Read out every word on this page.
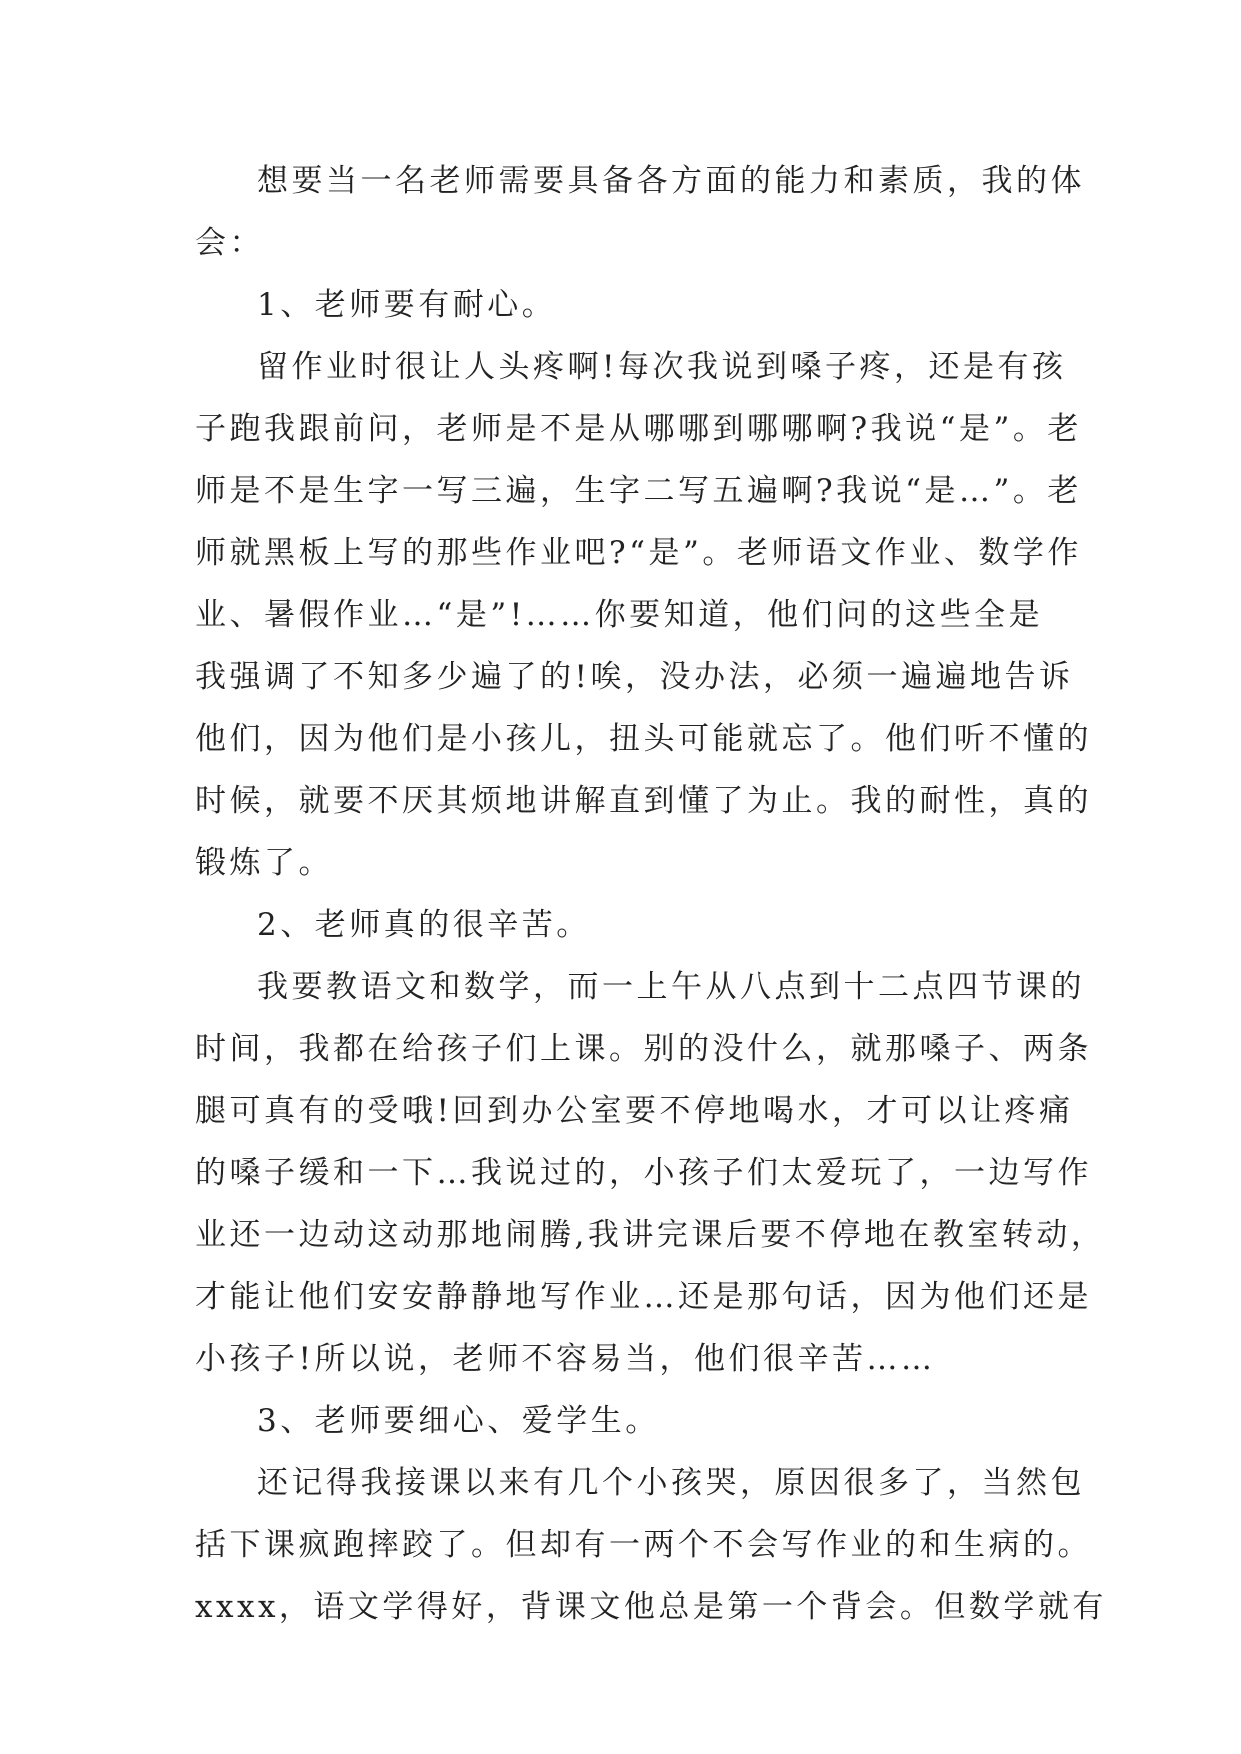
想要当一名老师需要具备各方面的能力和素质，我的体
会：
1、老师要有耐心。
留作业时很让人头疼啊!每次我说到嗓子疼，还是有孩
子跑我跟前问，老师是不是从哪哪到哪哪啊?我说“是”。老
师是不是生字一写三遍，生字二写五遍啊?我说“是…”。老
师就黑板上写的那些作业吧?“是”。老师语文作业、数学作
业、暑假作业…“是”!……你要知道，他们问的这些全是
我强调了不知多少遍了的!唉，没办法，必须一遍遍地告诉
他们，因为他们是小孩儿，扭头可能就忘了。他们听不懂的
时候，就要不厌其烦地讲解直到懂了为止。我的耐性，真的
锻炼了。
2、老师真的很辛苦。
我要教语文和数学，而一上午从八点到十二点四节课的
时间，我都在给孩子们上课。别的没什么，就那嗓子、两条
腿可真有的受哦!回到办公室要不停地喝水，才可以让疼痛
的嗓子缓和一下…我说过的，小孩子们太爱玩了，一边写作
业还一边动这动那地闹腾,我讲完课后要不停地在教室转动，
才能让他们安安静静地写作业…还是那句话，因为他们还是
小孩子!所以说，老师不容易当，他们很辛苦……
3、老师要细心、爱学生。
还记得我接课以来有几个小孩哭，原因很多了，当然包
括下课疯跑摔跤了。但却有一两个不会写作业的和生病的。
xxxx，语文学得好，背课文他总是第一个背会。但数学就有
